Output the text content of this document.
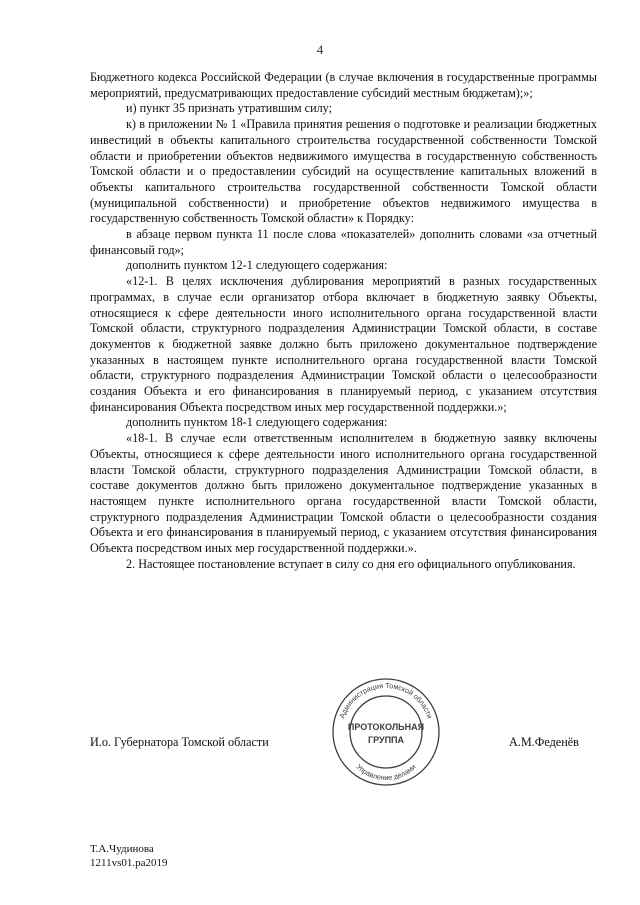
4

Бюджетного кодекса Российской Федерации (в случае включения в государственные программы мероприятий, предусматривающих предоставление субсидий местным бюджетам);»;

и) пункт 35 признать утратившим силу;

к) в приложении № 1 «Правила принятия решения о подготовке и реализации бюджетных инвестиций в объекты капитального строительства государственной собственности Томской области и приобретении объектов недвижимого имущества в государственную собственность Томской области и о предоставлении субсидий на осуществление капитальных вложений в объекты капитального строительства государственной собственности Томской области (муниципальной собственности) и приобретение объектов недвижимого имущества в государственную собственность Томской области» к Порядку:

в абзаце первом пункта 11 после слова «показателей» дополнить словами «за отчетный финансовый год»;

дополнить пунктом 12-1 следующего содержания:

«12-1. В целях исключения дублирования мероприятий в разных государственных программах, в случае если организатор отбора включает в бюджетную заявку Объекты, относящиеся к сфере деятельности иного исполнительного органа государственной власти Томской области, структурного подразделения Администрации Томской области, в составе документов к бюджетной заявке должно быть приложено документальное подтверждение указанных в настоящем пункте исполнительного органа государственной власти Томской области, структурного подразделения Администрации Томской области о целесообразности создания Объекта и его финансирования в планируемый период, с указанием отсутствия финансирования Объекта посредством иных мер государственной поддержки.»;

дополнить пунктом 18-1 следующего содержания:

«18-1. В случае если ответственным исполнителем в бюджетную заявку включены Объекты, относящиеся к сфере деятельности иного исполнительного органа государственной власти Томской области, структурного подразделения Администрации Томской области, в составе документов должно быть приложено документальное подтверждение указанных в настоящем пункте исполнительного органа государственной власти Томской области, структурного подразделения Администрации Томской области о целесообразности создания Объекта и его финансирования в планируемый период, с указанием отсутствия финансирования Объекта посредством иных мер государственной поддержки.».

2. Настоящее постановление вступает в силу со дня его официального опубликования.

И.о. Губернатора Томской области	А.М.Феденёв
Администрация Томской области
Управление делами
ПРОТОКОЛЬНАЯ
ГРУППА
Т.А.Чудинова
1211vs01.pa2019
